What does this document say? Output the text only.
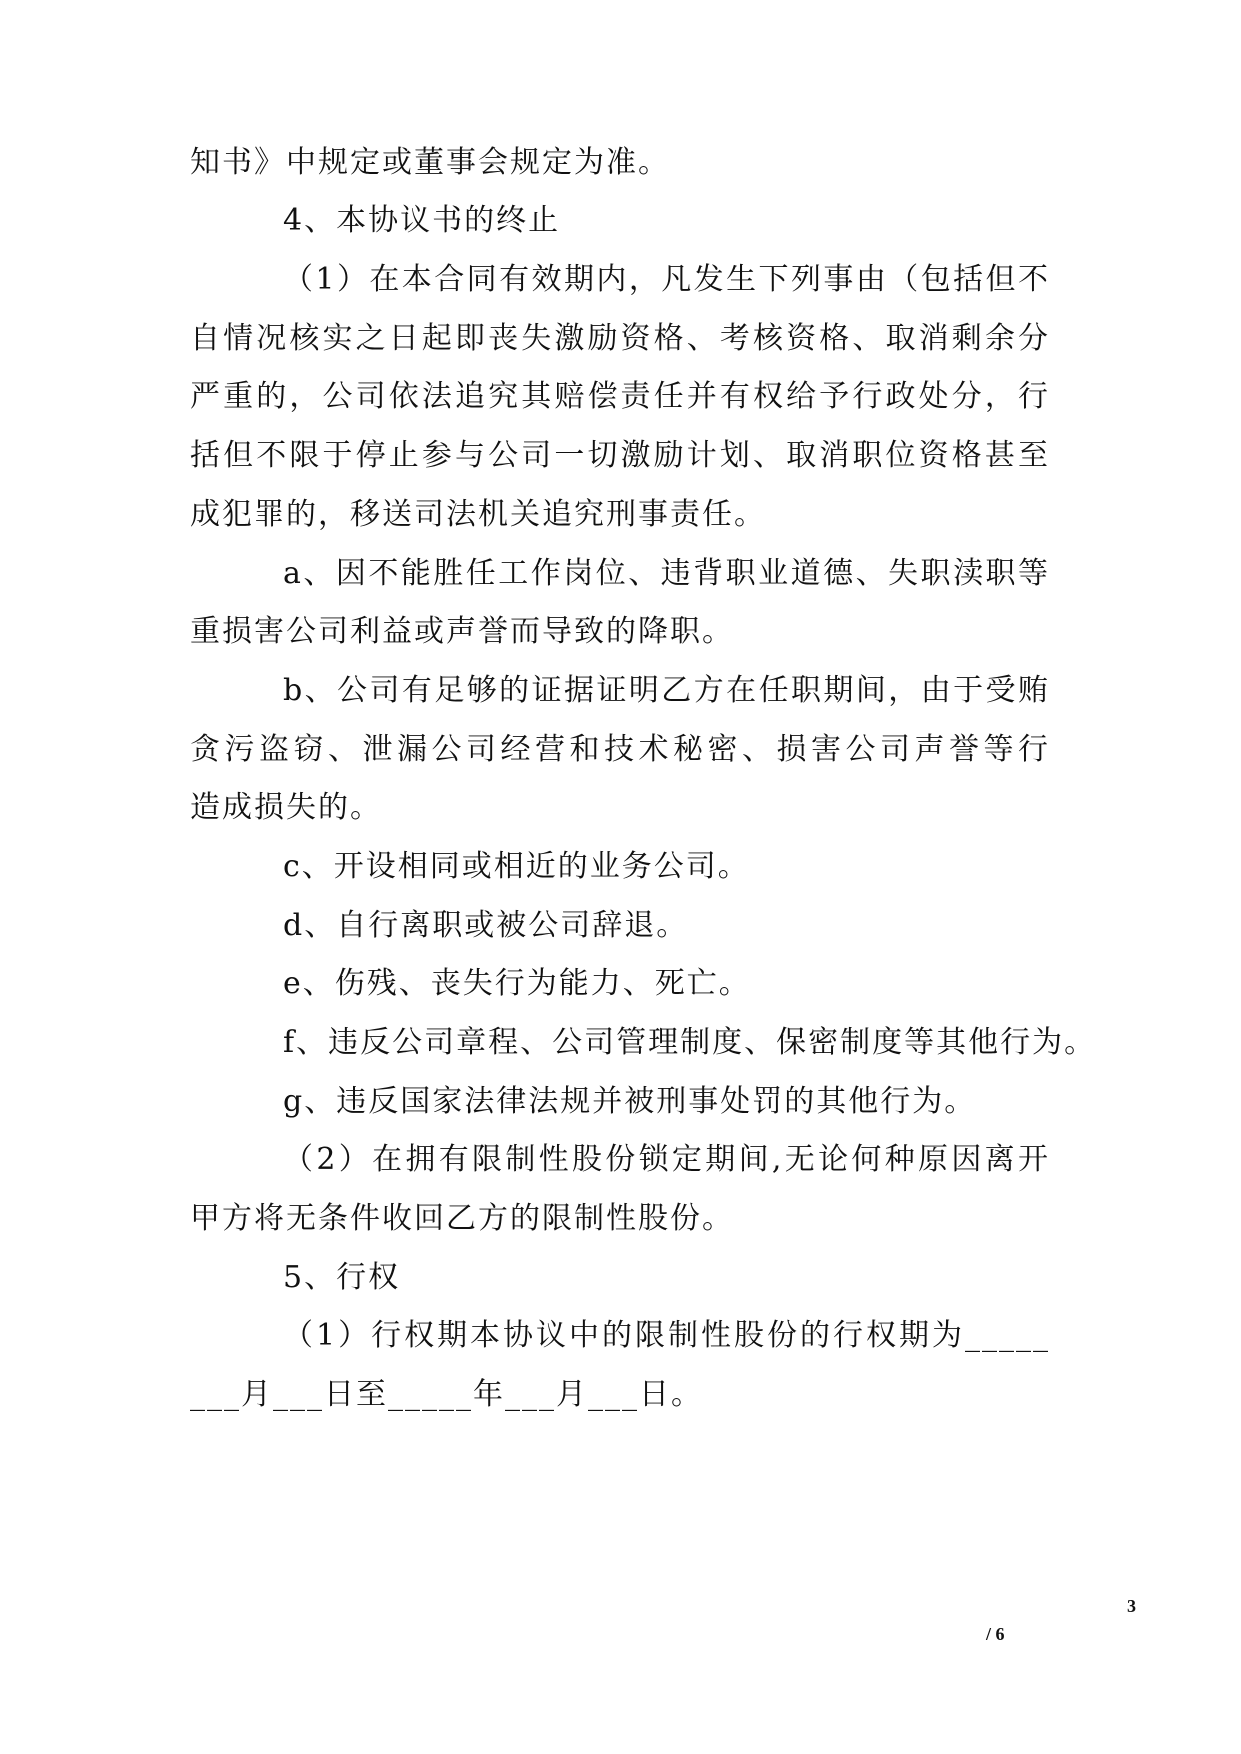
知书》中规定或董事会规定为准。
4、本协议书的终止
（1）在本合同有效期内，凡发生下列事由（包括但不
自情况核实之日起即丧失激励资格、考核资格、取消剩余分
严重的，公司依法追究其赔偿责任并有权给予行政处分，行
括但不限于停止参与公司一切激励计划、取消职位资格甚至
成犯罪的，移送司法机关追究刑事责任。
a、因不能胜任工作岗位、违背职业道德、失职渎职等
重损害公司利益或声誉而导致的降职。
b、公司有足够的证据证明乙方在任职期间，由于受贿
贪污盗窃、泄漏公司经营和技术秘密、损害公司声誉等行
造成损失的。
c、开设相同或相近的业务公司。
d、自行离职或被公司辞退。
e、伤残、丧失行为能力、死亡。
f、违反公司章程、公司管理制度、保密制度等其他行为。
g、违反国家法律法规并被刑事处罚的其他行为。
（2）在拥有限制性股份锁定期间,无论何种原因离开
甲方将无条件收回乙方的限制性股份。
5、行权
（1）行权期本协议中的限制性股份的行权期为_____
___月___日至_____年___月___日。
3
/ 6
